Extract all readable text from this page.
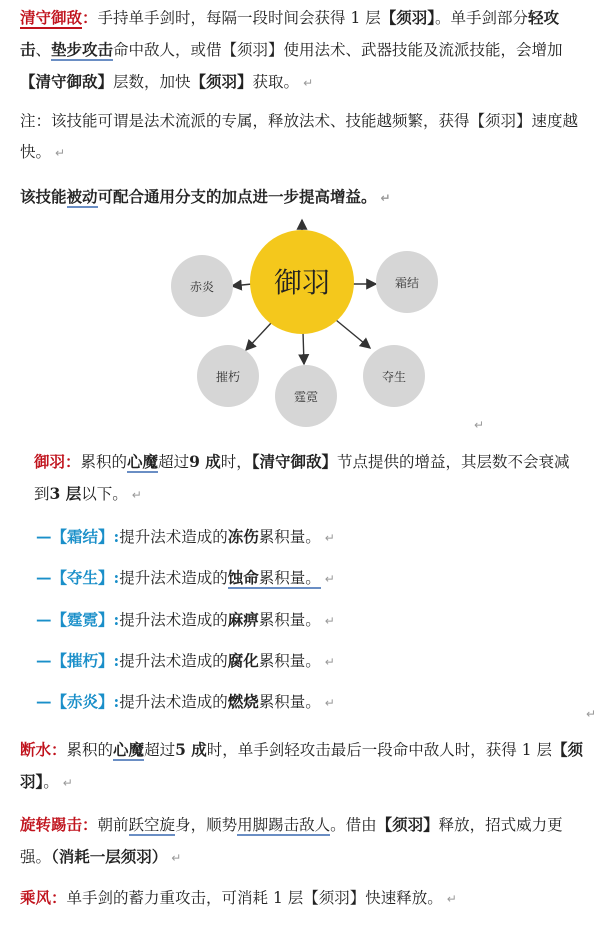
清守御敌：手持单手剑时，每隔一段时间会获得 1 层【须羽】。单手剑部分轻攻击、垫步攻击命中敌人，或借【须羽】使用法术、武器技能及流派技能，会增加【清守御敌】层数，加快【须羽】获取。 ↵

注：该技能可谓是法术流派的专属，释放法术、技能越频繁，获得【须羽】速度越快。 ↵

该技能被动可配合通用分支的加点进一步提高增益。 ↵

御羽
赤炎	霜结
摧朽
霆霓
夺生
↵

御羽：累积的心魔超过9 成时，【清守御敌】节点提供的增益，其层数不会衰减到3 层以下。 ↵

—【霜结】:提升法术造成的冻伤累积量。 ↵

—【夺生】:提升法术造成的蚀命累积量。 ↵

—【霆霓】:提升法术造成的麻痹累积量。 ↵

—【摧朽】:提升法术造成的腐化累积量。 ↵

—【赤炎】:提升法术造成的燃烧累积量。 ↵

↵

断水：累积的心魔超过5 成时，单手剑轻攻击最后一段命中敌人时，获得 1 层【须羽】。 ↵

旋转踢击：朝前跃空旋身，顺势用脚踢击敌人。借由【须羽】释放，招式威力更强。（消耗一层须羽） ↵

乘风：单手剑的蓄力重攻击，可消耗 1 层【须羽】快速释放。 ↵
